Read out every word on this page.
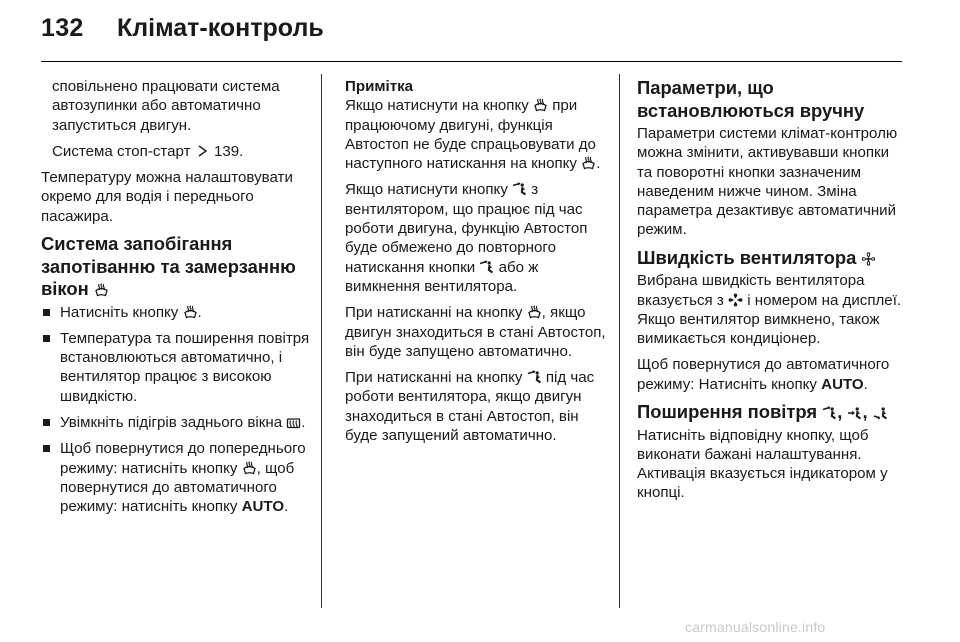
132 Клімат-контроль

сповільнено працювати система автозупинки або автоматично запуститься двигун.

Система стоп-старт 139.

Температуру можна налаштовувати окремо для водія і переднього пасажира.

Система запобігання запотіванню та замерзанню вікон
Натисніть кнопку .
Температура та поширення повітря встановлюються автоматично, і вентилятор працює з високою швидкістю.
Увімкніть підігрів заднього вікна .
Щоб повернутися до попереднього режиму: натисніть кнопку , щоб повернутися до автоматичного режиму: натисніть кнопку AUTO.

Примітка

Якщо натиснути на кнопку при працюючому двигуні, функція Автостоп не буде спрацьовувати до наступного натискання на кнопку .

Якщо натиснути кнопку з вентилятором, що працює під час роботи двигуна, функцію Автостоп буде обмежено до повторного натискання кнопки або ж вимкнення вентилятора.

При натисканні на кнопку , якщо двигун знаходиться в стані Автостоп, він буде запущено автоматично.

При натисканні на кнопку під час роботи вентилятора, якщо двигун знаходиться в стані Автостоп, він буде запущений автоматично.

Параметри, що встановлюються вручну

Параметри системи клімат-контролю можна змінити, активувавши кнопки та поворотні кнопки зазначеним наведеним нижче чином. Зміна параметра дезактивує автоматичний режим.

Швидкість вентилятора

Вибрана швидкість вентилятора вказується з і номером на дисплеї. Якщо вентилятор вимкнено, також вимикається кондиціонер.

Щоб повернутися до автоматичного режиму: Натисніть кнопку AUTO.

Поширення повітря , ,

Натисніть відповідну кнопку, щоб виконати бажані налаштування. Активація вказується індикатором у кнопці.

carmanualsonline.info
